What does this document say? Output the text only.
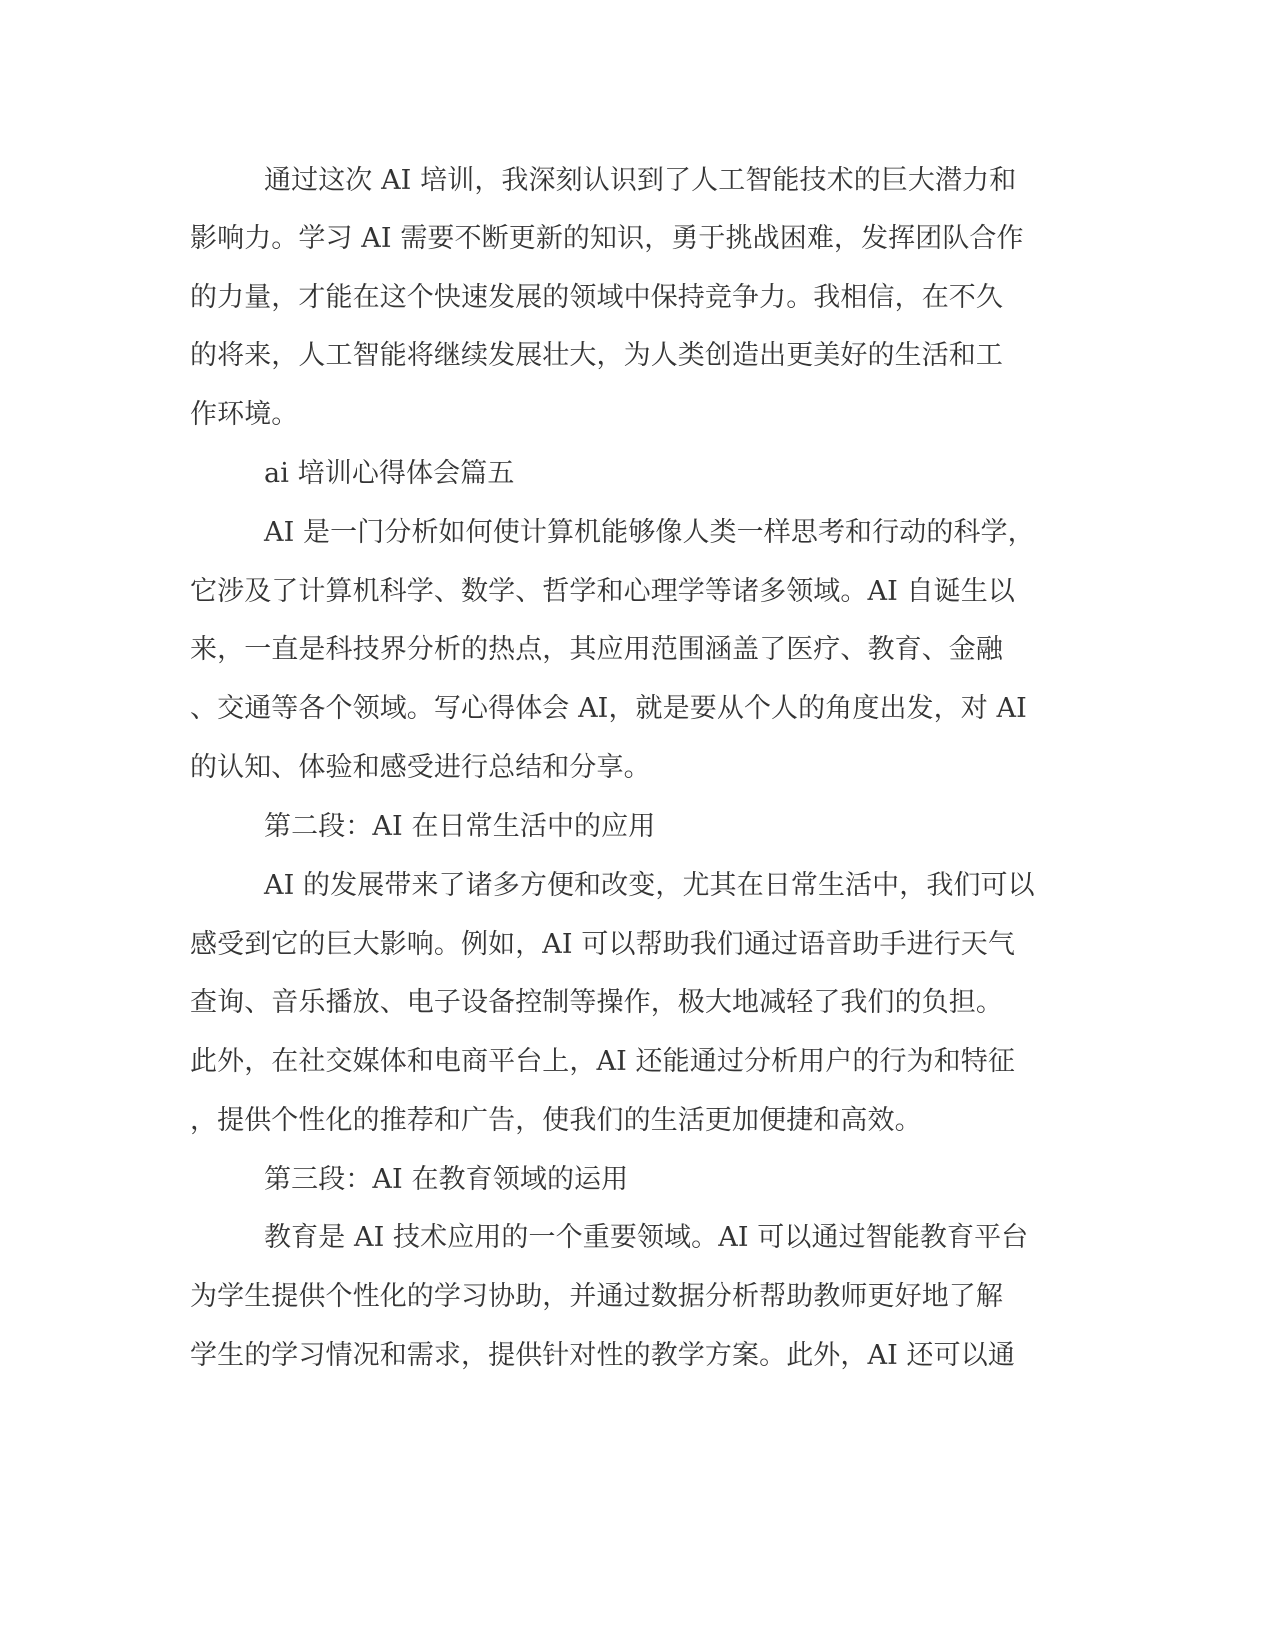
通过这次 AI 培训，我深刻认识到了人工智能技术的巨大潜力和

影响力。学习 AI 需要不断更新的知识，勇于挑战困难，发挥团队合作

的力量，才能在这个快速发展的领域中保持竞争力。我相信，在不久

的将来，人工智能将继续发展壮大，为人类创造出更美好的生活和工

作环境。

ai 培训心得体会篇五

AI 是一门分析如何使计算机能够像人类一样思考和行动的科学，

它涉及了计算机科学、数学、哲学和心理学等诸多领域。AI 自诞生以

来，一直是科技界分析的热点，其应用范围涵盖了医疗、教育、金融

、交通等各个领域。写心得体会 AI，就是要从个人的角度出发，对 AI

的认知、体验和感受进行总结和分享。

第二段：AI 在日常生活中的应用

AI 的发展带来了诸多方便和改变，尤其在日常生活中，我们可以

感受到它的巨大影响。例如，AI 可以帮助我们通过语音助手进行天气

查询、音乐播放、电子设备控制等操作，极大地减轻了我们的负担。

此外，在社交媒体和电商平台上，AI 还能通过分析用户的行为和特征

，提供个性化的推荐和广告，使我们的生活更加便捷和高效。

第三段：AI 在教育领域的运用

教育是 AI 技术应用的一个重要领域。AI 可以通过智能教育平台

为学生提供个性化的学习协助，并通过数据分析帮助教师更好地了解

学生的学习情况和需求，提供针对性的教学方案。此外，AI 还可以通
